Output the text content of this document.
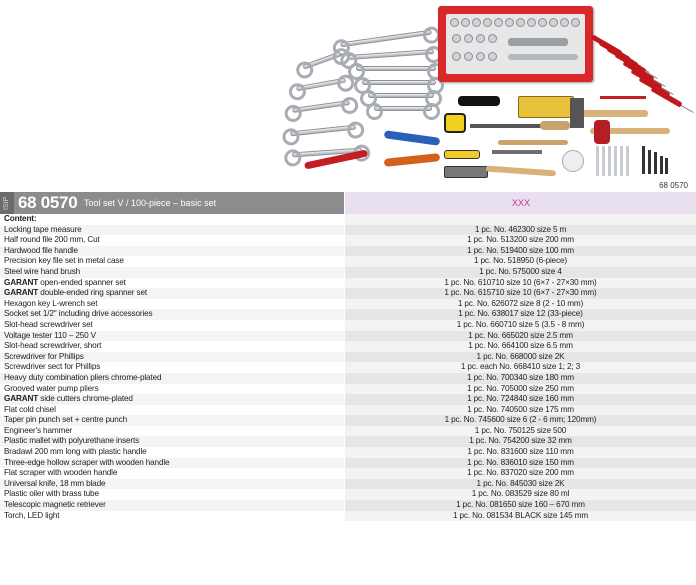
68 0570
ISIP 68 0570 Tool set V / 100-piece – basic set	XXX
Content:
Locking tape measure	1 pc. No. 462300 size 5 m
Half round file 200 mm, Cut	1 pc. No. 513200 size 200 mm
Hardwood file handle	1 pc. No. 519400 size 100 mm
Precision key file set in metal case	1 pc. No. 518950 (6-piece)
Steel wire hand brush	1 pc. No. 575000 size 4
GARANT open-ended spanner set	1 pc. No. 610710 size 10 (6×7 - 27×30 mm)
GARANT double-ended ring spanner set	1 pc. No. 615710 size 10 (6×7 - 27×30 mm)
Hexagon key L-wrench set	1 pc. No. 626072 size 8 (2 - 10 mm)
Socket set 1/2" including drive accessories	1 pc. No. 638017 size 12 (33-piece)
Slot-head screwdriver set	1 pc. No. 660710 size 5 (3.5 - 8 mm)
Voltage tester 110 – 250 V	1 pc. No. 665020 size 2.5 mm
Slot-head screwdriver, short	1 pc. No. 664100 size 6.5 mm
Screwdriver for Phillips	1 pc. No. 668000 size 2K
Screwdriver sect for Phillips	1 pc. each No. 668410 size 1; 2; 3
Heavy duty combination pliers chrome-plated	1 pc. No. 700340 size 180 mm
Grooved water pump pliers	1 pc. No. 705000 size 250 mm
GARANT side cutters chrome-plated	1 pc. No. 724840 size 160 mm
Flat cold chisel	1 pc. No. 740500 size 175 mm
Taper pin punch set + centre punch	1 pc. No. 745600 size 6 (2 - 6 mm; 120mm)
Engineer's hammer	1 pc. No. 750125 size 500
Plastic mallet with polyurethane inserts	1 pc. No. 754200 size 32 mm
Bradawl 200 mm long with plastic handle	1 pc. No. 831600 size 110 mm
Three-edge hollow scraper with wooden handle	1 pc. No. 836010 size 150 mm
Flat scraper with wooden handle	1 pc. No. 837020 size 200 mm
Universal knife, 18 mm blade	1 pc. No. 845030 size 2K
Plastic oiler with brass tube	1 pc. No. 083529 size 80 ml
Telescopic magnetic retriever	1 pc. No. 081650 size 160 – 670 mm
Torch, LED light	1 pc. No. 081534 BLACK size 145 mm
